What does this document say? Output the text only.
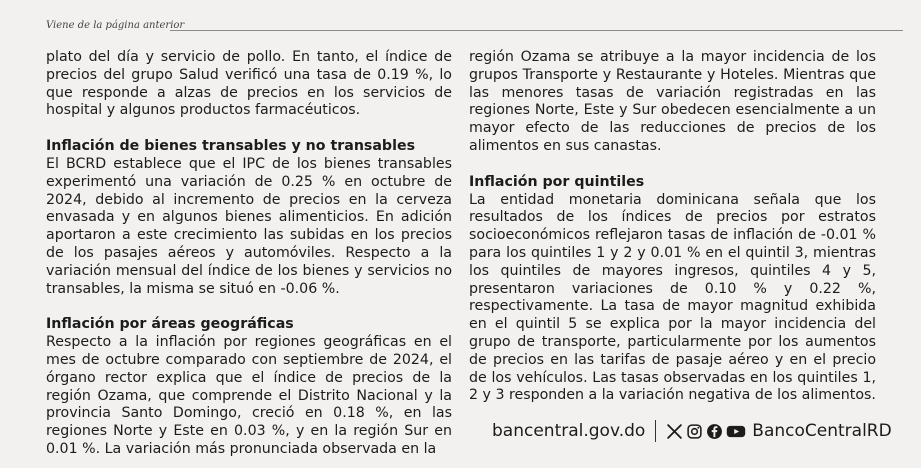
Viene de la página anterior

plato del día y servicio de pollo. En tanto, el índice de precios del grupo Salud verificó una tasa de 0.19 %, lo que responde a alzas de precios en los servicios de hospital y algunos productos farmacéuticos.

Inflación de bienes transables y no transables

El BCRD establece que el IPC de los bienes transables experimentó una variación de 0.25 % en octubre de 2024, debido al incremento de precios en la cerveza envasada y en algunos bienes alimenticios. En adición aportaron a este crecimiento las subidas en los precios de los pasajes aéreos y automóviles. Respecto a la variación mensual del índice de los bienes y servicios no transables, la misma se situó en -0.06 %.

Inflación por áreas geográficas

Respecto a la inflación por regiones geográficas en el mes de octubre comparado con septiembre de 2024, el órgano rector explica que el índice de precios de la región Ozama, que comprende el Distrito Nacional y la provincia Santo Domingo, creció en 0.18 %, en las regiones Norte y Este en 0.03 %, y en la región Sur en 0.01 %. La variación más pronunciada observada en la

región Ozama se atribuye a la mayor incidencia de los grupos Transporte y Restaurante y Hoteles. Mientras que las menores tasas de variación registradas en las regiones Norte, Este y Sur obedecen esencialmente a un mayor efecto de las reducciones de precios de los alimentos en sus canastas.

Inflación por quintiles

La entidad monetaria dominicana señala que los resultados de los índices de precios por estratos socioeconómicos reflejaron tasas de inflación de -0.01 % para los quintiles 1 y 2 y 0.01 % en el quintil 3, mientras los quintiles de mayores ingresos, quintiles 4 y 5, presentaron variaciones de 0.10 % y 0.22 %, respectivamente. La tasa de mayor magnitud exhibida en el quintil 5 se explica por la mayor incidencia del grupo de transporte, particularmente por los aumentos de precios en las tarifas de pasaje aéreo y en el precio de los vehículos. Las tasas observadas en los quintiles 1, 2 y 3 responden a la variación negativa de los alimentos.

bancentral.gov.do	BancoCentralRD
